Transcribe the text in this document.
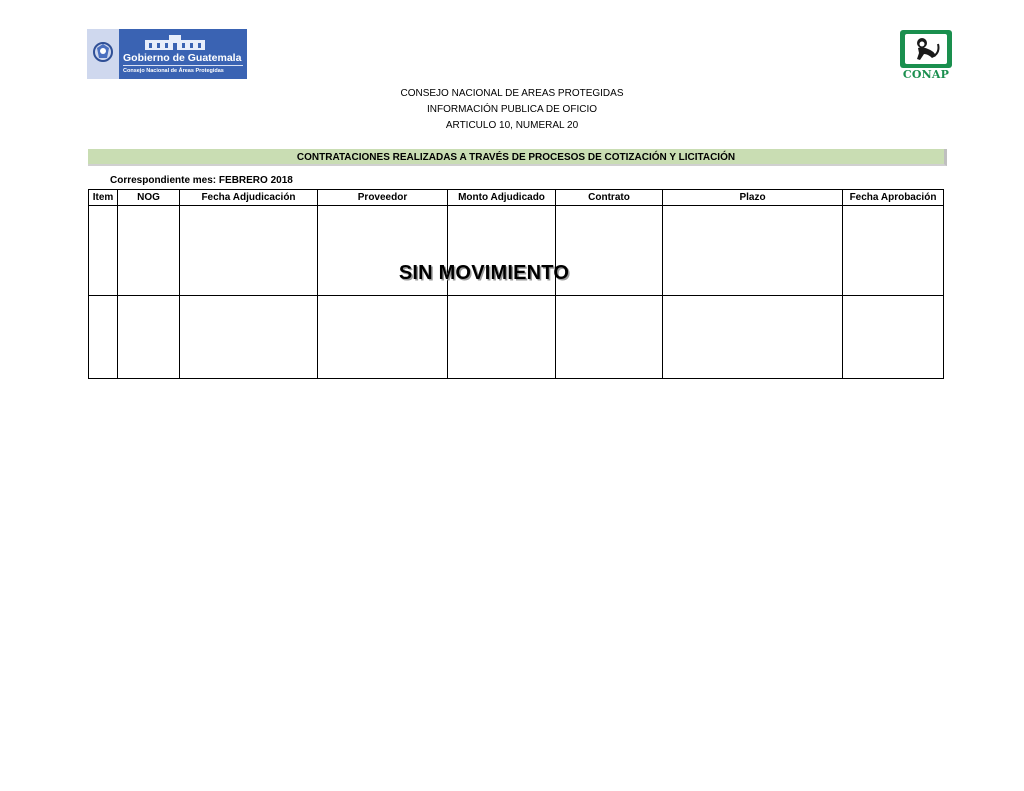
Gobierno de Guatemala
Consejo Nacional de Áreas Protegidas	CONAP
CONSEJO NACIONAL DE AREAS PROTEGIDAS
INFORMACIÓN PUBLICA DE OFICIO
ARTICULO 10, NUMERAL 20
CONTRATACIONES REALIZADAS A TRAVÉS DE PROCESOS DE COTIZACIÓN Y LICITACIÓN
Correspondiente mes: FEBRERO 2018
Item	NOG	Fecha Adjudicación	Proveedor	Monto Adjudicado	Contrato	Plazo	Fecha Aprobación
SIN MOVIMIENTO
